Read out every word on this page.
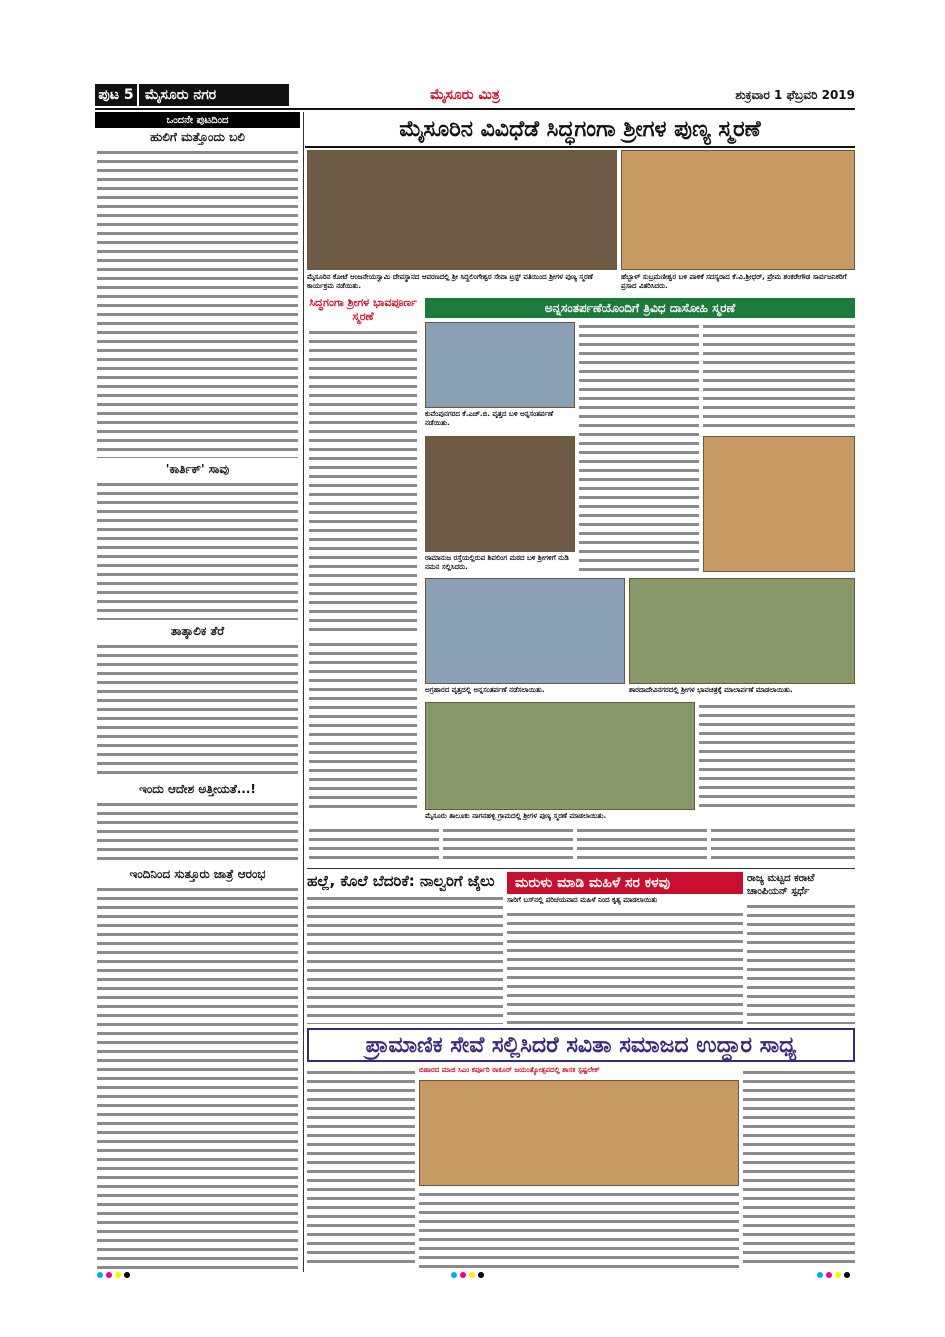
ಪುಟ 5 ಮೈಸೂರು ನಗರ	ಮೈಸೂರು ಮಿತ್ರ	ಶುಕ್ರವಾರ 1 ಫೆಬ್ರವರಿ 2019
ಒಂದನೇ ಪುಟದಿಂದ
ಹುಲಿಗೆ ಮತ್ತೊಂದು ಬಲಿ
'ಕಾರ್ತಿಕ್' ಸಾವು
ತಾತ್ಕಾಲಿಕ ತೆರೆ
ಇಂದು ಆದೇಶ ಅತ್ತೀಯತೆ...!
ಇಂದಿನಿಂದ ಸುತ್ತೂರು ಜಾತ್ರೆ ಆರಂಭ
ಮೈಸೂರಿನ ವಿವಿಧೆಡೆ ಸಿದ್ಧಗಂಗಾ ಶ್ರೀಗಳ ಪುಣ್ಯ ಸ್ಮರಣೆ
ಮೈಸೂರಿನ ಕೋಟೆ ಆಂಜನೇಯಸ್ವಾಮಿ ದೇವಸ್ಥಾನದ ಆವರಣದಲ್ಲಿ ಶ್ರೀ ಸಿದ್ಧಲಿಂಗೇಶ್ವರ ಸೇವಾ ಟ್ರಸ್ಟ್ ವತಿಯಿಂದ ಶ್ರೀಗಳ ಪುಣ್ಯ ಸ್ಮರಣೆ ಕಾರ್ಯಕ್ರಮ ನಡೆಯಿತು.
ಹೆಬ್ಬಾಳ್ ಸುಬ್ರಮಣೀಶ್ವರ ಬಳಿ ಪಾಳಿಕೆ ಸದಸ್ಯರಾದ ಕೆ.ವಿ.ಶ್ರೀಧರ್, ಪ್ರೇಮ ಶಂಕರೇಗೌಡ ಸಾರ್ವಜನಿಕರಿಗೆ ಪ್ರಸಾದ ವಿತರಿಸಿದರು.
ಅನ್ನಸಂತರ್ಪಣೆಯೊಂದಿಗೆ ತ್ರಿವಿಧ ದಾಸೋಹಿ ಸ್ಮರಣೆ
ಸಿದ್ಧಗಂಗಾ ಶ್ರೀಗಳ ಭಾವಪೂರ್ಣ ಸ್ಮರಣೆ
ಕುವೆಂಪುನಗರದ ಕೆ.ಎಚ್.ಬಿ. ವೃತ್ತದ ಬಳಿ ಅನ್ನಸಂತರ್ಪಣೆ ನಡೆಯಿತು.
ರಾಮಾನುಜ ರಸ್ತೆಯಲ್ಲಿರುವ ಶಿವಲಿಂಗ ಮಠದ ಬಳಿ ಶ್ರೀಗಳಿಗೆ ನುಡಿ ನಮನ ಸಲ್ಲಿಸಿದರು.
ಅಗ್ರಹಾರದ ವೃತ್ತದಲ್ಲಿ ಅನ್ನಸಂತರ್ಪಣೆ ನಡೆಸಲಾಯಿತು.	ಶಾರದಾದೇವಿನಗರದಲ್ಲಿ ಶ್ರೀಗಳ ಭಾವಚಿತ್ರಕ್ಕೆ ಮಾಲಾರ್ಪಣೆ ಮಾಡಲಾಯಿತು.
ಮೈಸೂರು ತಾಲೂಕು ನಾಗನಹಳ್ಳಿ ಗ್ರಾಮದಲ್ಲಿ ಶ್ರೀಗಳ ಪುಣ್ಯ ಸ್ಮರಣೆ ಮಾಡಲಾಯಿತು.
ಹಲ್ಲೆ, ಕೊಲೆ ಬೆದರಿಕೆ: ನಾಲ್ವರಿಗೆ ಜೈಲು	ಮರುಳು ಮಾಡಿ ಮಹಿಳೆ ಸರ ಕಳವು
ಸಾರಿಗೆ ಬಸ್‌ನಲ್ಲಿ ಪರಿಚಯವಾದ ಮಹಿಳೆ ನಿಂದ ಕೃತ್ಯ ಮಾಡಲಾಯಿತು
ರಾಜ್ಯ ಮಟ್ಟದ ಕರಾಟೆ ಚಾಂಪಿಯನ್ ಸ್ಪರ್ಧೆ
ಪ್ರಾಮಾಣಿಕ ಸೇವೆ ಸಲ್ಲಿಸಿದರೆ ಸವಿತಾ ಸಮಾಜದ ಉದ್ಧಾರ ಸಾಧ್ಯ
ಬಿಹಾರದ ಮಾಜಿ ಸಿಎಂ ಕರ್ಪೂರಿ ಠಾಕೂರ್ ಜಯಂತ್ಯೋತ್ಸವದಲ್ಲಿ ಶಾಸಕ ಸ್ಪಷ್ಟಲೇಕ್
